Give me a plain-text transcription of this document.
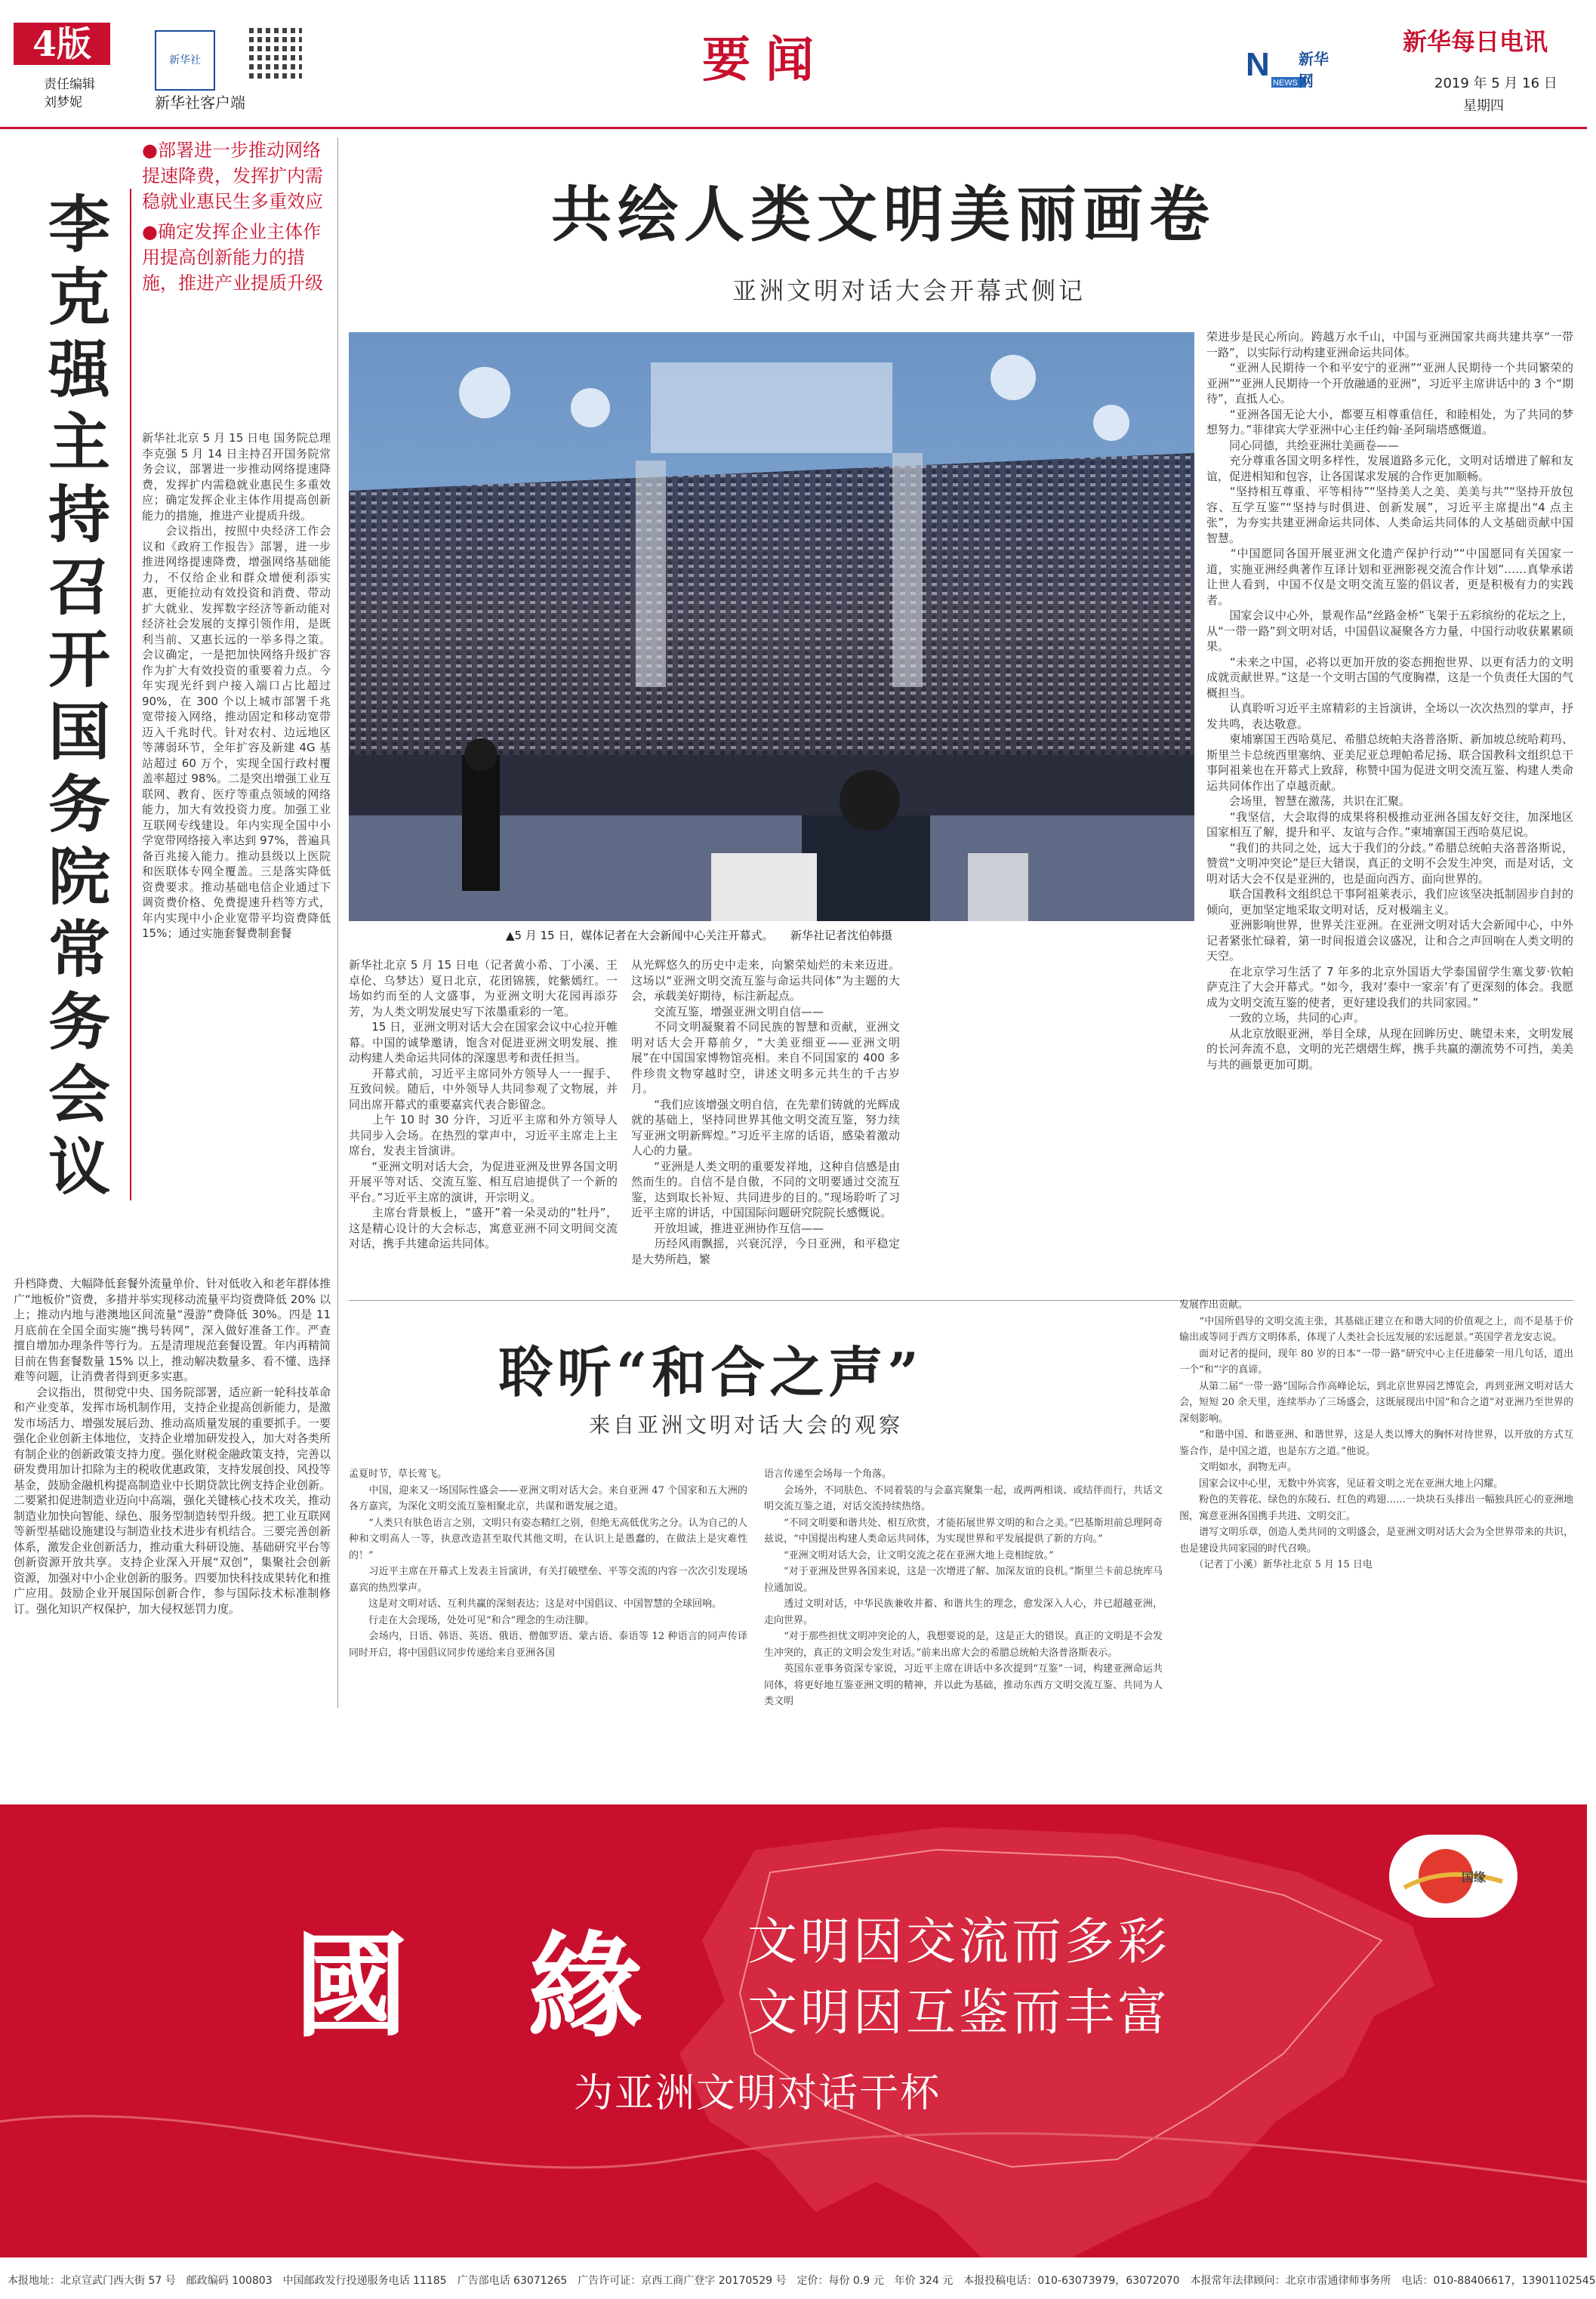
4版
责任编辑
刘梦妮
新华社
新华社客户端
要闻	N NEWS
新华网
新华每日电讯
2019 年 5 月 16 日
星期四
李克强主持召开国务院常务会议
●部署进一步推动网络提速降费，发挥扩内需稳就业惠民生多重效应
●确定发挥企业主体作用提高创新能力的措施，推进产业提质升级
新华社北京 5 月 15 日电 国务院总理李克强 5 月 14 日主持召开国务院常务会议，部署进一步推动网络提速降费，发挥扩内需稳就业惠民生多重效应；确定发挥企业主体作用提高创新能力的措施，推进产业提质升级。
　　会议指出，按照中央经济工作会议和《政府工作报告》部署，进一步推进网络提速降费，增强网络基础能力，不仅给企业和群众增便利添实惠，更能拉动有效投资和消费、带动扩大就业、发挥数字经济等新动能对经济社会发展的支撑引领作用，是既利当前、又惠长远的一举多得之策。会议确定，一是把加快网络升级扩容作为扩大有效投资的重要着力点。今年实现光纤到户接入端口占比超过 90%，在 300 个以上城市部署千兆宽带接入网络，推动固定和移动宽带迈入千兆时代。针对农村、边远地区等薄弱环节，全年扩容及新建 4G 基站超过 60 万个，实现全国行政村覆盖率超过 98%。二是突出增强工业互联网、教育、医疗等重点领域的网络能力，加大有效投资力度。加强工业互联网专线建设。年内实现全国中小学宽带网络接入率达到 97%，普遍具备百兆接入能力。推动县级以上医院和医联体专网全覆盖。三是落实降低资费要求。推动基础电信企业通过下调资费价格、免费提速升档等方式，年内实现中小企业宽带平均资费降低 15%；通过实施套餐费制套餐
升档降费、大幅降低套餐外流量单价、针对低收入和老年群体推广“地板价”资费，多措并举实现移动流量平均资费降低 20% 以上；推动内地与港澳地区间流量“漫游”费降低 30%。四是 11 月底前在全国全面实施“携号转网”，深入做好准备工作。严查擅自增加办理条件等行为。五是清理规范套餐设置。年内再精简目前在售套餐数量 15% 以上，推动解决数量多、看不懂、选择难等问题，让消费者得到更多实惠。
　　会议指出，贯彻党中央、国务院部署，适应新一轮科技革命和产业变革，发挥市场机制作用，支持企业提高创新能力，是激发市场活力、增强发展后劲、推动高质量发展的重要抓手。一要强化企业创新主体地位，支持企业增加研发投入，加大对各类所有制企业的创新政策支持力度。强化财税金融政策支持，完善以研发费用加计扣除为主的税收优惠政策，支持发展创投、风投等基金，鼓励金融机构提高制造业中长期贷款比例支持企业创新。二要紧扣促进制造业迈向中高端，强化关键核心技术攻关，推动制造业加快向智能、绿色、服务型制造转型升级。把工业互联网等新型基础设施建设与制造业技术进步有机结合。三要完善创新体系，激发企业创新活力，推动重大科研设施、基础研究平台等创新资源开放共享。支持企业深入开展“双创”，集聚社会创新资源，加强对中小企业创新的服务。四要加快科技成果转化和推广应用。鼓励企业开展国际创新合作，参与国际技术标准制修订。强化知识产权保护，加大侵权惩罚力度。
共绘人类文明美丽画卷
亚洲文明对话大会开幕式侧记
▲5 月 15 日，媒体记者在大会新闻中心关注开幕式。　　新华社记者沈伯韩摄
新华社北京 5 月 15 日电（记者黄小希、丁小溪、王卓伦、乌梦达）夏日北京，花团锦簇，姹紫嫣红。一场如约而至的人文盛事，为亚洲文明大花园再添芬芳，为人类文明发展史写下浓墨重彩的一笔。
　　15 日，亚洲文明对话大会在国家会议中心拉开帷幕。中国的诚挚邀请，饱含对促进亚洲文明发展、推动构建人类命运共同体的深邃思考和责任担当。
　　开幕式前，习近平主席同外方领导人一一握手、互致问候。随后，中外领导人共同参观了文物展，并同出席开幕式的重要嘉宾代表合影留念。
　　上午 10 时 30 分许，习近平主席和外方领导人共同步入会场。在热烈的掌声中，习近平主席走上主席台，发表主旨演讲。
　　“亚洲文明对话大会，为促进亚洲及世界各国文明开展平等对话、交流互鉴、相互启迪提供了一个新的平台。”习近平主席的演讲，开宗明义。
　　主席台背景板上，“盛开”着一朵灵动的“牡丹”，这是精心设计的大会标志，寓意亚洲不同文明间交流对话，携手共建命运共同体。
从光辉悠久的历史中走来，向繁荣灿烂的未来迈进。这场以“亚洲文明交流互鉴与命运共同体”为主题的大会，承载美好期待，标注新起点。
　　交流互鉴，增强亚洲文明自信——
　　不同文明凝聚着不同民族的智慧和贡献，亚洲文明对话大会开幕前夕，“大美亚细亚——亚洲文明展”在中国国家博物馆亮相。来自不同国家的 400 多件珍贵文物穿越时空，讲述文明多元共生的千古岁月。
　　“我们应该增强文明自信，在先辈们铸就的光辉成就的基础上，坚持同世界其他文明交流互鉴，努力续写亚洲文明新辉煌。”习近平主席的话语，感染着激动人心的力量。
　　“亚洲是人类文明的重要发祥地，这种自信感是由然而生的。自信不是自傲，不同的文明要通过交流互鉴，达到取长补短、共同进步的目的。”现场聆听了习近平主席的讲话，中国国际问题研究院院长感慨说。
　　开放坦诚，推进亚洲协作互信——
　　历经风雨飘摇，兴衰沉浮，今日亚洲，和平稳定是大势所趋，繁
荣进步是民心所向。跨越万水千山，中国与亚洲国家共商共建共享“一带一路”，以实际行动构建亚洲命运共同体。
　　“亚洲人民期待一个和平安宁的亚洲”“亚洲人民期待一个共同繁荣的亚洲”“亚洲人民期待一个开放融通的亚洲”，习近平主席讲话中的 3 个“期待”，直抵人心。
　　“亚洲各国无论大小，都要互相尊重信任，和睦相处，为了共同的梦想努力。”菲律宾大学亚洲中心主任约翰·圣阿瑞塔感慨道。
　　同心同德，共绘亚洲壮美画卷——
　　充分尊重各国文明多样性，发展道路多元化，文明对话增进了解和友谊，促进相知和包容，让各国谋求发展的合作更加顺畅。
　　“坚持相互尊重、平等相待”“坚持美人之美、美美与共”“坚持开放包容、互学互鉴”“坚持与时俱进、创新发展”，习近平主席提出“4 点主张”，为夯实共建亚洲命运共同体、人类命运共同体的人文基础贡献中国智慧。
　　“中国愿同各国开展亚洲文化遗产保护行动”“中国愿同有关国家一道，实施亚洲经典著作互译计划和亚洲影视交流合作计划”……真挚承诺让世人看到，中国不仅是文明交流互鉴的倡议者，更是积极有力的实践者。
　　国家会议中心外，景观作品“丝路金桥”飞架于五彩缤纷的花坛之上，从“一带一路”到文明对话，中国倡议凝聚各方力量，中国行动收获累累硕果。
　　“未来之中国，必将以更加开放的姿态拥抱世界、以更有活力的文明成就贡献世界。”这是一个文明古国的气度胸襟，这是一个负责任大国的气概担当。
　　认真聆听习近平主席精彩的主旨演讲，全场以一次次热烈的掌声，抒发共鸣，表达敬意。
　　柬埔寨国王西哈莫尼、希腊总统帕夫洛普洛斯、新加坡总统哈莉玛、斯里兰卡总统西里塞纳、亚美尼亚总理帕希尼扬、联合国教科文组织总干事阿祖莱也在开幕式上致辞，称赞中国为促进文明交流互鉴、构建人类命运共同体作出了卓越贡献。
　　会场里，智慧在激荡，共识在汇聚。
　　“我坚信，大会取得的成果将积极推动亚洲各国友好交往，加深地区国家相互了解，提升和平、友谊与合作。”柬埔寨国王西哈莫尼说。
　　“我们的共同之处，远大于我们的分歧。”希腊总统帕夫洛普洛斯说，赞赏“文明冲突论”是巨大错误，真正的文明不会发生冲突，而是对话，文明对话大会不仅是亚洲的，也是面向西方、面向世界的。
　　联合国教科文组织总干事阿祖莱表示，我们应该坚决抵制固步自封的倾向，更加坚定地采取文明对话，反对极端主义。
　　亚洲影响世界，世界关注亚洲。在亚洲文明对话大会新闻中心，中外记者紧张忙碌着，第一时间报道会议盛况，让和合之声回响在人类文明的天空。
　　在北京学习生活了 7 年多的北京外国语大学泰国留学生塞戈萝·钦帕萨克注了大会开幕式。“如今，我对‘泰中一家亲’有了更深刻的体会。我愿成为文明交流互鉴的使者，更好建设我们的共同家园。”
　　一致的立场，共同的心声。
　　从北京放眼亚洲，举目全球，从现在回眸历史、眺望未来，文明发展的长河奔流不息，文明的光芒熠熠生辉，携手共赢的潮流势不可挡，美美与共的画景更加可期。
聆听“和合之声”
来自亚洲文明对话大会的观察
孟夏时节，草长莺飞。
　　中国，迎来又一场国际性盛会——亚洲文明对话大会。来自亚洲 47 个国家和五大洲的各方嘉宾，为深化文明交流互鉴相聚北京，共谋和谐发展之道。
　　“人类只有肤色语言之别，文明只有姿态精红之别，但绝无高低优劣之分。认为自己的人种和文明高人一等，执意改造甚至取代其他文明，在认识上是愚蠢的，在做法上是灾难性的！”
　　习近平主席在开幕式上发表主旨演讲，有关打破壁垒、平等交流的内容一次次引发现场嘉宾的热烈掌声。
　　这是对文明对话、互利共赢的深刻表达；这是对中国倡议、中国智慧的全球回响。
　　行走在大会现场，处处可见“和合”理念的生动注脚。
　　会场内，日语、韩语、英语、俄语、僧伽罗语、蒙古语、泰语等 12 种语言的同声传译同时开启，将中国倡议同步传递给来自亚洲各国
语言传递至会场每一个角落。
　　会场外，不同肤色、不同着装的与会嘉宾聚集一起，或两两相谈、或结伴而行，共话文明交流互鉴之道，对话交流持续热络。
　　“不同文明要和谐共处、相互欣赏，才能拓展世界文明的和合之美。”巴基斯坦前总理阿奇兹说，“中国提出构建人类命运共同体，为实现世界和平发展提供了新的方向。”
　　“亚洲文明对话大会，让文明交流之花在亚洲大地上竞相绽放。”
　　“对于亚洲及世界各国来说，这是一次增进了解、加深友谊的良机。”斯里兰卡前总统库马拉通加说。
　　透过文明对话，中华民族兼收并蓄、和谐共生的理念，愈发深入人心，并已超越亚洲，走向世界。
　　“对于那些担忧文明冲突论的人，我想要说的是，这是正大的错误。真正的文明是不会发生冲突的，真正的文明会发生对话。”前来出席大会的希腊总统帕夫洛普洛斯表示。
　　英国东亚事务资深专家说，习近平主席在讲话中多次提到“互鉴”一词，构建亚洲命运共同体，将更好地互鉴亚洲文明的精神，并以此为基础，推动东西方文明交流互鉴、共同为人类文明
发展作出贡献。
　　“中国所倡导的文明交流主张，其基础正建立在和谐大同的价值观之上，而不是基于价输出或等同于西方文明体系，体现了人类社会长远发展的宏远愿景。”英国学者龙安志说。
　　面对记者的提问，现年 80 岁的日本“一带一路”研究中心主任进藤荣一用几句话，道出一个“和”字的真谛。
　　从第二届“一带一路”国际合作高峰论坛，到北京世界园艺博览会，再到亚洲文明对话大会，短短 20 余天里，连续举办了三场盛会，这既展现出中国“和合之道”对亚洲乃至世界的深刻影响。
　　“和谐中国、和谐亚洲、和谐世界，这是人类以博大的胸怀对待世界，以开放的方式互鉴合作，是中国之道，也是东方之道。”他说。
　　文明如水，润物无声。
　　国家会议中心里，无数中外宾客，见证着文明之光在亚洲大地上闪耀。
　　粉色的芙蓉花、绿色的东陵石、红色的鸡翅……一块块石头排出一幅独具匠心的亚洲地图，寓意亚洲各国携手共进、文明交汇。
　　谱写文明乐章，创造人类共同的文明盛会，是亚洲文明对话大会为全世界带来的共识，也是建设共同家园的时代召唤。
　　（记者丁小溪）新华社北京 5 月 15 日电
国缘
國 緣 文明因交流而多彩
文明因互鉴而丰富
为亚洲文明对话干杯
本报地址：北京宣武门西大街 57 号　邮政编码 100803　中国邮政发行投递服务电话 11185　广告部电话 63071265　广告许可证：京西工商广登字 20170529 号　定价：每份 0.9 元　年价 324 元　本报投稿电话：010-63073979，63072070　本报常年法律顾问：北京市雷通律师事务所　电话：010-88406617，13901102545
